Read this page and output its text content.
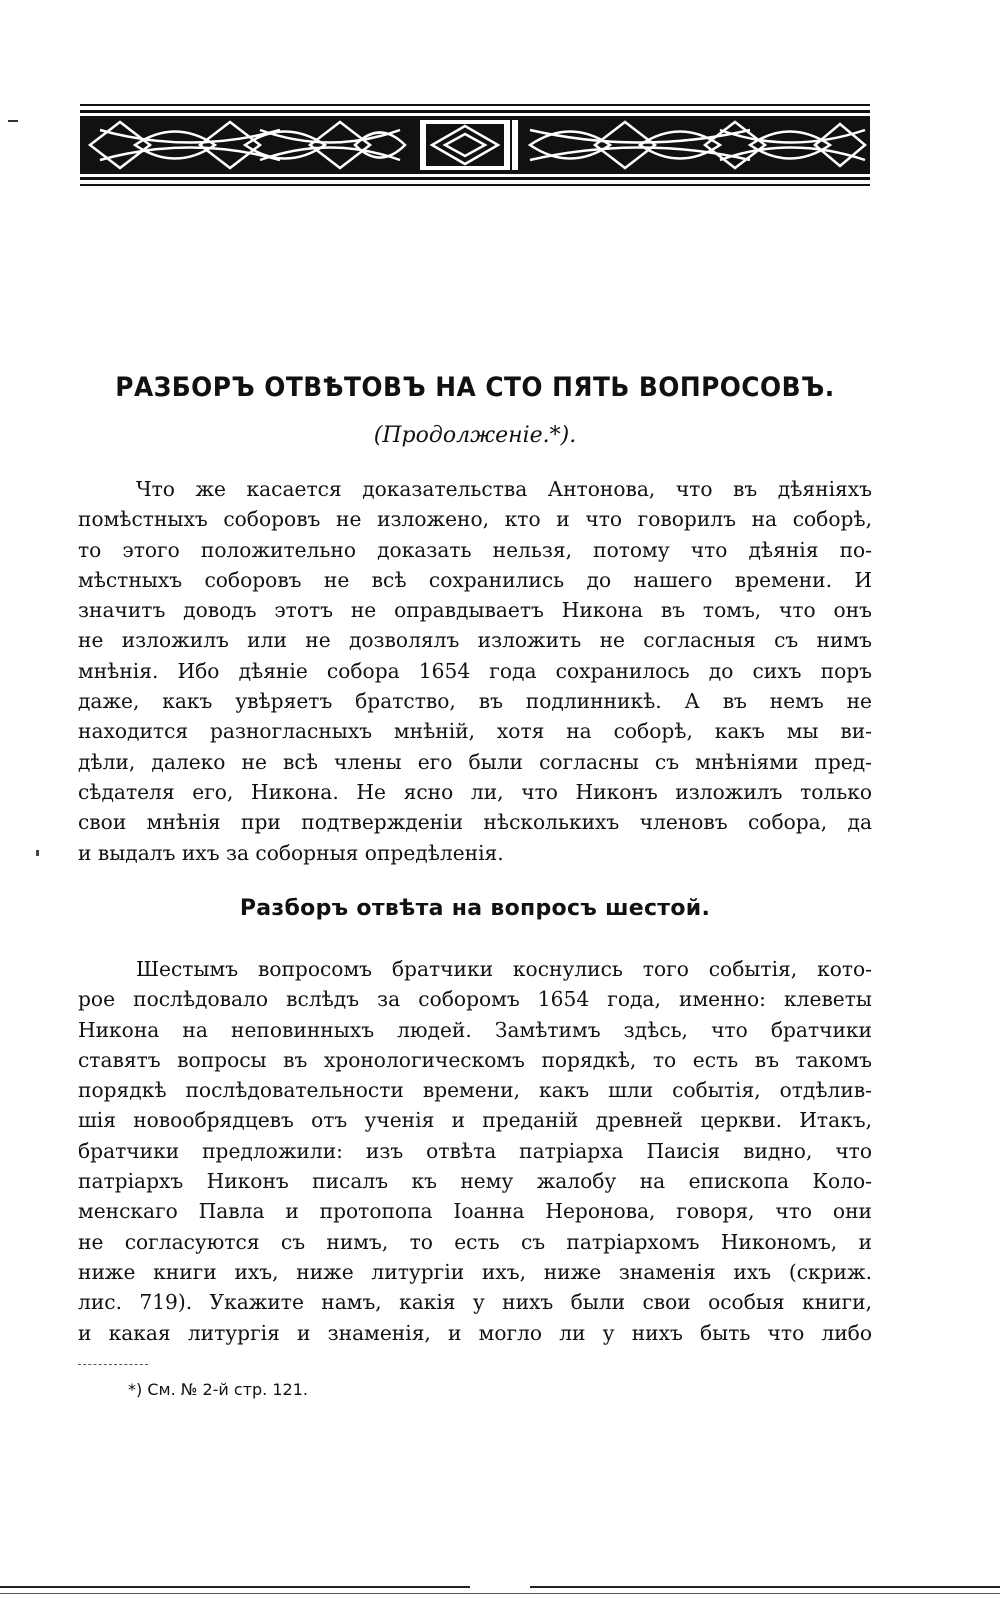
РАЗБОРЪ ОТВѢТОВЪ НА СТО ПЯТЬ ВОПРОСОВЪ.
(Продолженіе.*).

Что же касается доказательства Антонова, что въ дѣяніяхъ
помѣстныхъ соборовъ не изложено, кто и что говорилъ на соборѣ,
то этого положительно доказать нельзя, потому что дѣянія по-
мѣстныхъ соборовъ не всѣ сохранились до нашего времени. И
значитъ доводъ этотъ не оправдываетъ Никона въ томъ, что онъ
не изложилъ или не дозволялъ изложить не согласныя съ нимъ
мнѣнія. Ибо дѣяніе собора 1654 года сохранилось до сихъ поръ
даже, какъ увѣряетъ братство, въ подлинникѣ. А въ немъ не
находится разногласныхъ мнѣній, хотя на соборѣ, какъ мы ви-
дѣли, далеко не всѣ члены его были согласны съ мнѣніями пред-
сѣдателя его, Никона. Не ясно ли, что Никонъ изложилъ только
свои мнѣнія при подтвержденіи нѣсколькихъ членовъ собора, да
и выдалъ ихъ за соборныя опредѣленія.

Разборъ отвѣта на вопросъ шестой.

Шестымъ вопросомъ братчики коснулись того событія, кото-
рое послѣдовало вслѣдъ за соборомъ 1654 года, именно: клеветы
Никона на неповинныхъ людей. Замѣтимъ здѣсь, что братчики
ставятъ вопросы въ хронологическомъ порядкѣ, то есть въ такомъ
порядкѣ послѣдовательности времени, какъ шли событія, отдѣлив-
шія новообрядцевъ отъ ученія и преданій древней церкви. Итакъ,
братчики предложили: изъ отвѣта патріарха Паисія видно, что
патріархъ Никонъ писалъ къ нему жалобу на епископа Коло-
менскаго Павла и протопопа Іоанна Неронова, говоря, что они
не согласуются съ нимъ, то есть съ патріархомъ Никономъ, и
ниже книги ихъ, ниже литургіи ихъ, ниже знаменія ихъ (скриж.
лис. 719). Укажите намъ, какія у нихъ были свои особыя книги,
и какая литургія и знаменія, и могло ли у нихъ быть что либо

*) См. № 2-й стр. 121.
